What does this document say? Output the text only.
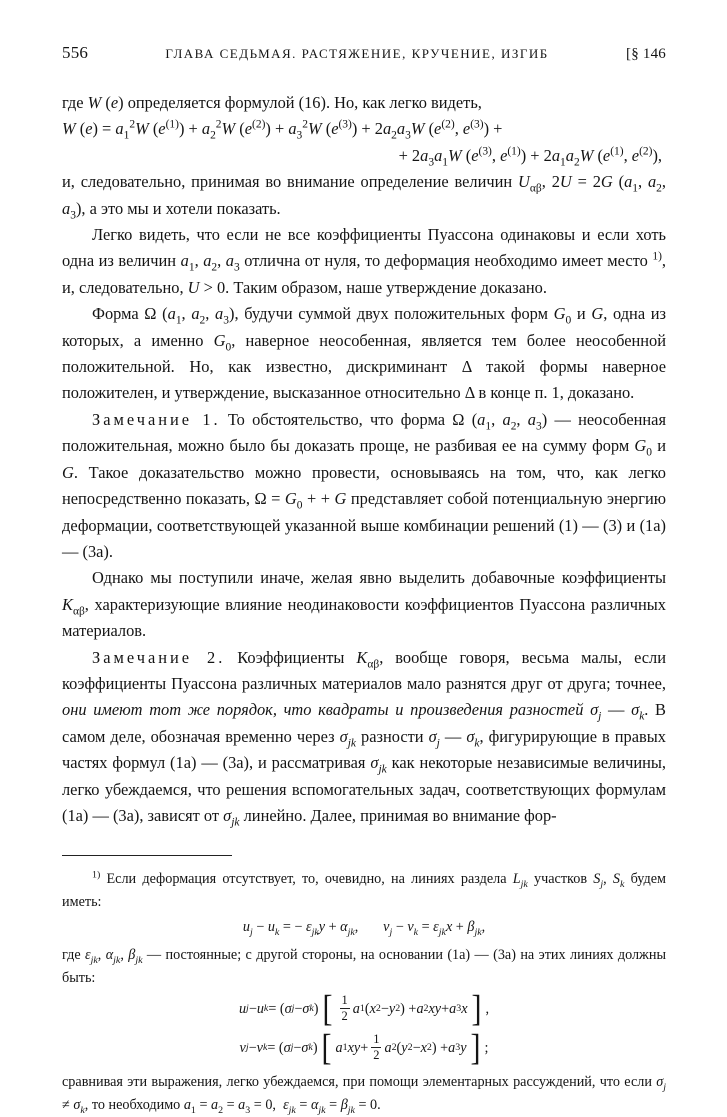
556	ГЛАВА СЕДЬМАЯ. РАСТЯЖЕНИЕ, КРУЧЕНИЕ, ИЗГИБ	[§ 146

где W (e) определяется формулой (16). Но, как легко видеть,

W $(e) = a_1^2W$ $(e^{(1)}) + a_2^2W$ $(e^{(2)}) + a_3^2W$ $(e^{(3)}) + 2a_2a_3W$ ($e^{(2)}$, $e^{(3)}$) +

+ $2a_3a_1W$ ($e^{(3)}$, $e^{(1)}) + 2a_1a_2W$ ($e^{(1)}$, $e^{(2)}$),

и, следовательно, принимая во внимание определение величин $U_{\alpha\beta}$, 2U = 2G ($a_1$, $a_2$, $a_3$), а это мы и хотели показать.

Легко видеть, что если не все коэффициенты Пуассона одинаковы и если хоть одна из величин $a_1$, $a_2$, $a_3$ отлична от нуля, то деформация необходимо имеет место $^{1)}$, и, следовательно, U > 0. Таким образом, наше утверждение доказано.

Форма Ω ($a_1$, $a_2$, $a_3$), будучи суммой двух положительных форм $G_0$ и G, одна из которых, а именно $G_0$, наверное неособенная, является тем более неособенной положительной. Но, как известно, дискриминант Δ такой формы наверное положителен, и утверждение, высказанное относительно Δ в конце п. 1, доказано.

Замечание 1. То обстоятельство, что форма Ω ($a_1$, $a_2$, $a_3$) — неособенная положительная, можно было бы доказать проще, не разбивая ее на сумму форм $G_0$ и G. Такое доказательство можно провести, основываясь на том, что, как легко непосредственно показать, $\Omega = G_0$ + + G представляет собой потенциальную энергию деформации, соответствующей указанной выше комбинации решений (1) — (3) и (1а) — (3а).

Однако мы поступили иначе, желая явно выделить добавочные коэффициенты $K_{\alpha\beta}$, характеризующие влияние неодинаковости коэффициентов Пуассона различных материалов.

Замечание 2. Коэффициенты $K_{\alpha\beta}$, вообще говоря, весьма малы, если коэффициенты Пуассона различных материалов мало разнятся друг от друга; точнее, они имеют тот же порядок, что квадраты и произведения разностей $\sigma_j$ — $\sigma_k$. В самом деле, обозначая временно через $\sigma_{jk}$ разности $\sigma_j$ — $\sigma_k$, фигурирующие в правых частях формул (1а) — (3а), и рассматривая $\sigma_{jk}$ как некоторые независимые величины, легко убеждаемся, что решения вспомогательных задач, соответствующих формулам (1а) — (3а), зависят от $\sigma_{jk}$ линейно. Далее, принимая во внимание фор-

$^{1)}$ Если деформация отсутствует, то, очевидно, на линиях раздела $L_{jk}$ участков $S_j$, $S_k$ будем иметь:

$u_j - u_k$ = − $\varepsilon_{jk}y + \alpha_{jk}$,       $v_j - v_k = \varepsilon_{jk}x + \beta_{jk}$,

где $\varepsilon_{jk}$, $\alpha_{jk}$, $\beta_{jk}$ — постоянные; с другой стороны, на основании (1а) — (3а) на этих линиях должны быть:

u j − u k = ( σ j − σ k ) [ $\frac{1}{2}$ a 1 ( x 2 − y 2 ) + a 2 xy + a 3 x ] ,
v j − v k = ( σ j − σ k ) [ a 1 xy + $\frac{1}{2}$ a 2 ( y 2 − x 2 ) + a 3 y ] ;

сравнивая эти выражения, легко убеждаемся, при помощи элементарных рассуждений, что если $\sigma_j \ne \sigma_k$, то необходимо $a_1 = a_2 = a_3 = 0$,  $\varepsilon_{jk} = \alpha_{jk} = \beta_{jk} = 0$.
